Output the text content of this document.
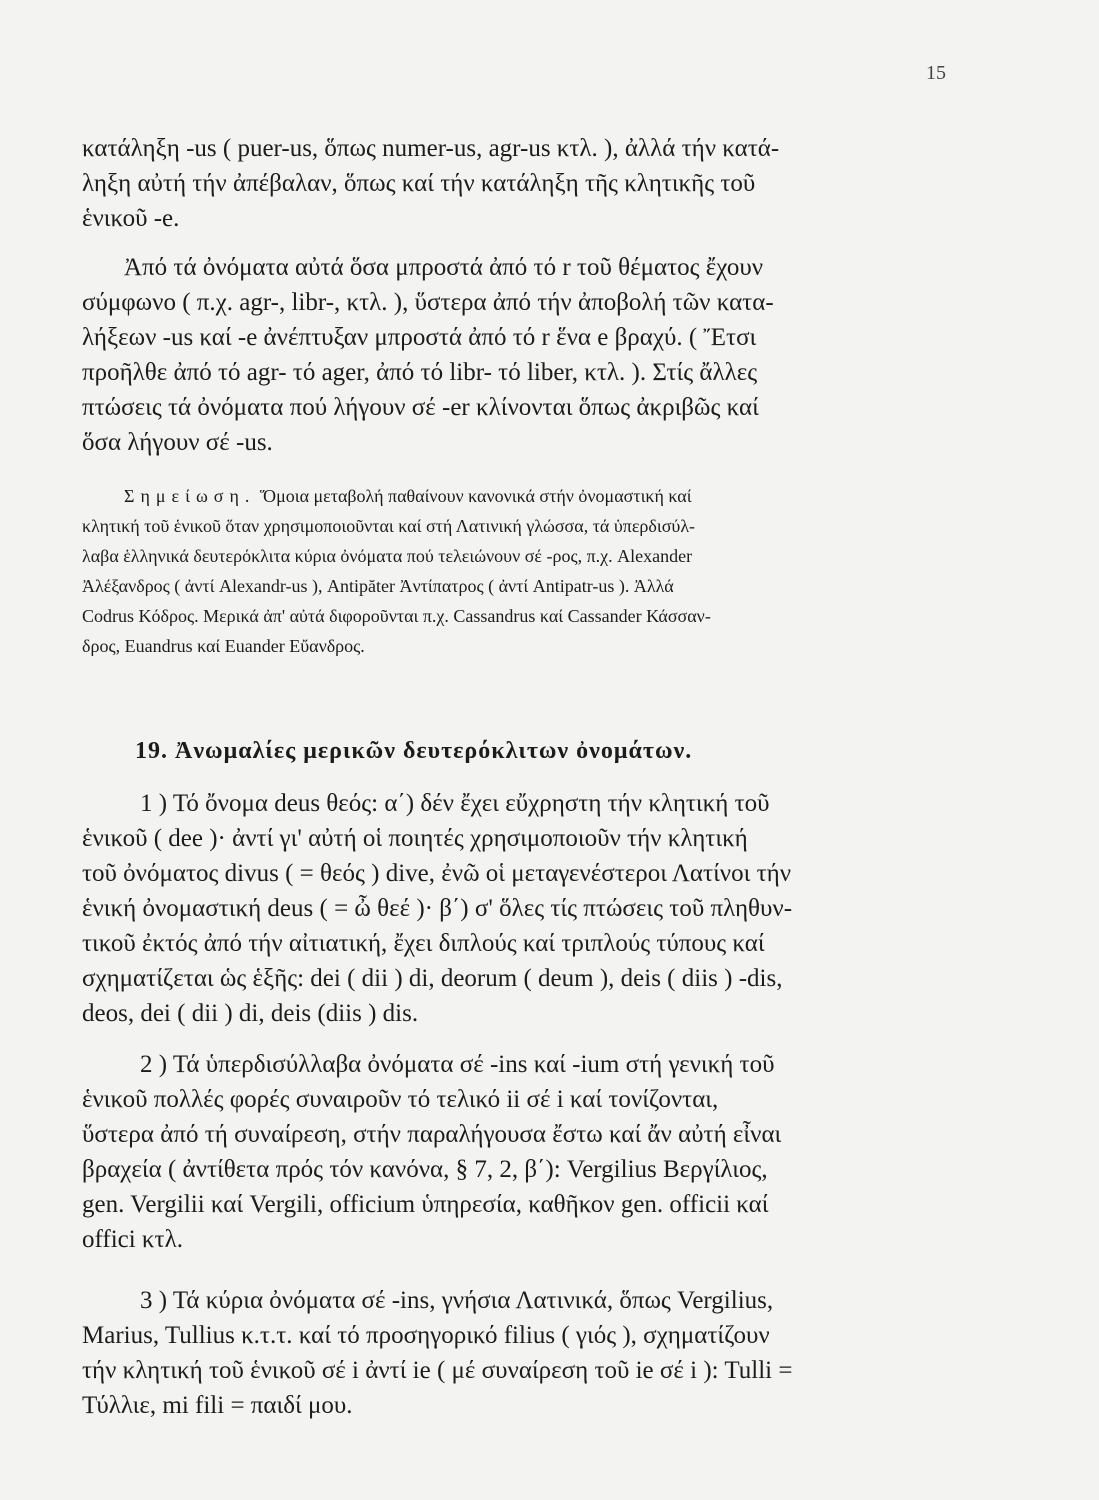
15
κατάληξη -us ( puer-us, ὅπως numer-us, agr-us κτλ. ), ἀλλά τήν κατά-
ληξη αὐτή τήν ἀπέβαλαν, ὅπως καί τήν κατάληξη τῆς κλητικῆς τοῦ
ἑνικοῦ -e.
Ἀπό τά ὀνόματα αὐτά ὅσα μπροστά ἀπό τό r τοῦ θέματος ἔχουν
σύμφωνο ( π.χ. agr-, libr-, κτλ. ), ὕστερα ἀπό τήν ἀποβολή τῶν κατα-
λήξεων -us καί -e ἀνέπτυξαν μπροστά ἀπό τό r ἕνα e βραχύ. ( Ἔτσι
προῆλθε ἀπό τό agr- τό ager, ἀπό τό libr- τό liber, κτλ. ). Στίς ἄλλες
πτώσεις τά ὀνόματα πού λήγουν σέ -er κλίνονται ὅπως ἀκριβῶς καί
ὅσα λήγουν σέ -us.
Σημείωση. Ὅμοια μεταβολή παθαίνουν κανονικά στήν ὀνομαστική καί
κλητική τοῦ ἑνικοῦ ὅταν χρησιμοποιοῦνται καί στή Λατινική γλώσσα, τά ὑπερδισύλ-
λαβα ἑλληνικά δευτερόκλιτα κύρια ὀνόματα πού τελειώνουν σέ -ρος, π.χ. Alexander
Ἀλέξανδρος ( ἀντί Alexandr-us ), Antipăter Ἀντίπατρος ( ἀντί Antipatr-us ). Ἀλλά
Codrus Κόδρος. Μερικά ἀπ' αὐτά διφοροῦνται π.χ. Cassandrus καί Cassander Κάσσαν-
δρος, Euandrus καί Euander Εὔανδρος.
19. Ἀνωμαλίες μερικῶν δευτερόκλιτων ὀνομάτων.
1 ) Τό ὄνομα deus θεός: α΄) δέν ἔχει εὔχρηστη τήν κλητική τοῦ
ἑνικοῦ ( dee )· ἀντί γι' αὐτή οἱ ποιητές χρησιμοποιοῦν τήν κλητική
τοῦ ὀνόματος divus ( = θεός ) dive, ἐνῶ οἱ μεταγενέστεροι Λατίνοι τήν
ἑνική ὀνομαστική deus ( = ὦ θεέ )· β΄) σ' ὅλες τίς πτώσεις τοῦ πληθυν-
τικοῦ ἐκτός ἀπό τήν αἰτιατική, ἔχει διπλούς καί τριπλούς τύπους καί
σχηματίζεται ὡς ἑξῆς: dei ( dii ) di, deorum ( deum ), deis ( diis ) -dis,
deos, dei ( dii ) di, deis (diis ) dis.
2 ) Τά ὑπερδισύλλαβα ὀνόματα σέ -ins καί -ium στή γενική τοῦ
ἑνικοῦ πολλές φορές συναιροῦν τό τελικό ii σέ i καί τονίζονται,
ὕστερα ἀπό τή συναίρεση, στήν παραλήγουσα ἔστω καί ἄν αὐτή εἶναι
βραχεία ( ἀντίθετα πρός τόν κανόνα, § 7, 2, β΄): Vergilius Βεργίλιος,
gen. Vergilii καί Vergili, officium ὑπηρεσία, καθῆκον gen. officii καί
offici κτλ.
3 ) Τά κύρια ὀνόματα σέ -ins, γνήσια Λατινικά, ὅπως Vergilius,
Marius, Tullius κ.τ.τ. καί τό προσηγορικό filius ( γιός ), σχηματίζουν
τήν κλητική τοῦ ἑνικοῦ σέ i ἀντί ie ( μέ συναίρεση τοῦ ie σέ i ): Tulli =
Τύλλιε, mi fili = παιδί μου.
